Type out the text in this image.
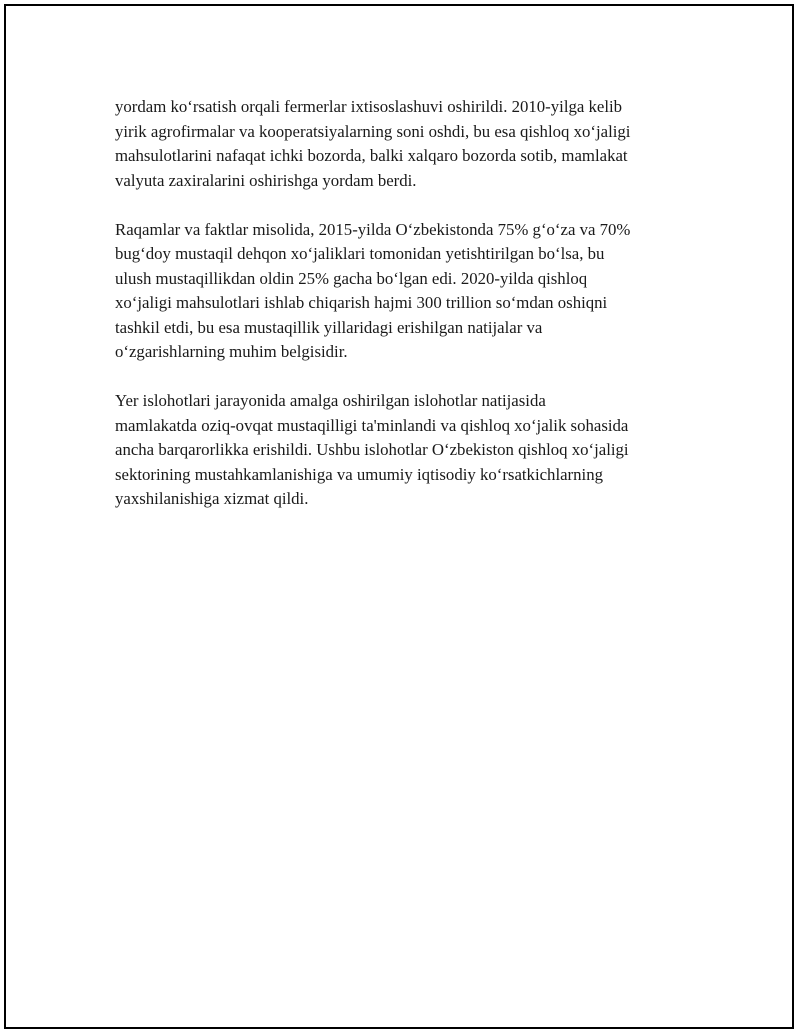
yordam koʻrsatish orqali fermerlar ixtisoslashuvi oshirildi. 2010-yilga kelib
yirik agrofirmalar va kooperatsiyalarning soni oshdi, bu esa qishloq xoʻjaligi
mahsulotlarini nafaqat ichki bozorda, balki xalqaro bozorda sotib, mamlakat
valyuta zaxiralarini oshirishga yordam berdi.

Raqamlar va faktlar misolida, 2015-yilda Oʻzbekistonda 75% gʻoʻza va 70%
bugʻdoy mustaqil dehqon xoʻjaliklari tomonidan yetishtirilgan boʻlsa, bu
ulush mustaqillikdan oldin 25% gacha boʻlgan edi. 2020-yilda qishloq
xoʻjaligi mahsulotlari ishlab chiqarish hajmi 300 trillion soʻmdan oshiqni
tashkil etdi, bu esa mustaqillik yillaridagi erishilgan natijalar va
oʻzgarishlarning muhim belgisidir.

Yer islohotlari jarayonida amalga oshirilgan islohotlar natijasida
mamlakatda oziq-ovqat mustaqilligi ta'minlandi va qishloq xoʻjalik sohasida
ancha barqarorlikka erishildi. Ushbu islohotlar Oʻzbekiston qishloq xoʻjaligi
sektorining mustahkamlanishiga va umumiy iqtisodiy koʻrsatkichlarning
yaxshilanishiga xizmat qildi.
